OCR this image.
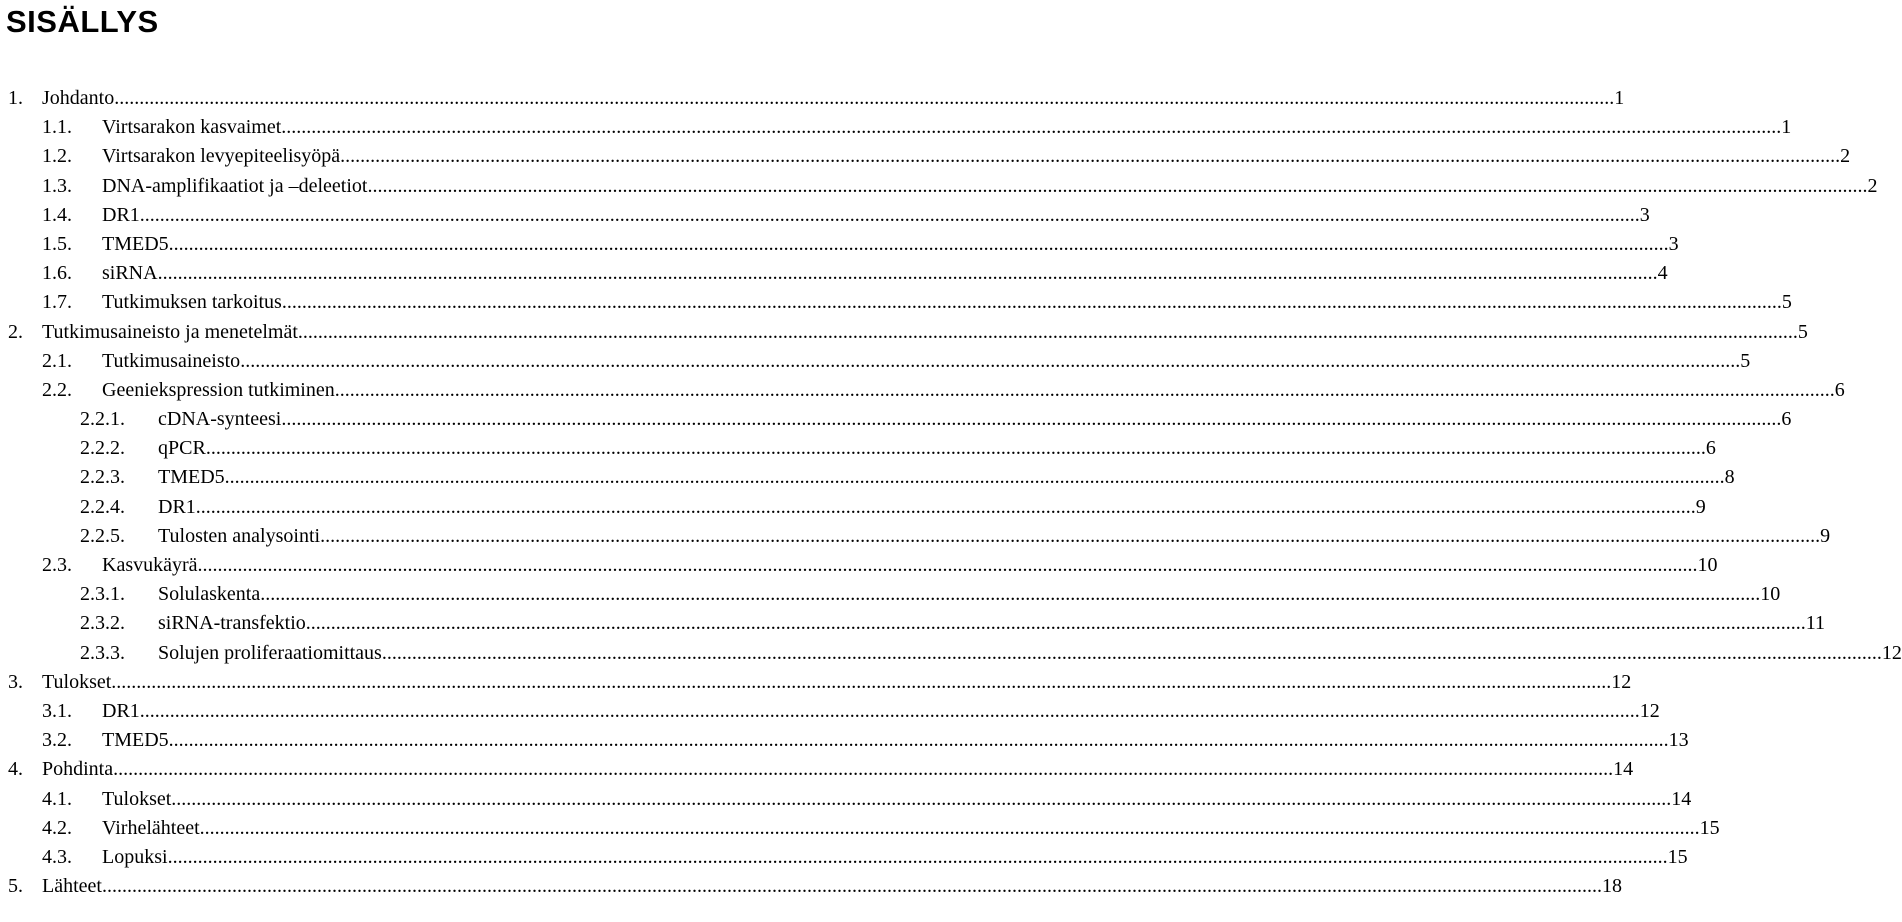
SISÄLLYS
1. Johdanto ............................................................................................................................................................................................................................................................................................................ 1
1.1. Virtsarakon kasvaimet ............................................................................................................................................................................................................................................................................................................ 1
1.2. Virtsarakon levyepiteelisyöpä ............................................................................................................................................................................................................................................................................................................ 2
1.3. DNA-amplifikaatiot ja –deleetiot ............................................................................................................................................................................................................................................................................................................ 2
1.4. DR1 ............................................................................................................................................................................................................................................................................................................ 3
1.5. TMED5 ............................................................................................................................................................................................................................................................................................................ 3
1.6. siRNA ............................................................................................................................................................................................................................................................................................................ 4
1.7. Tutkimuksen tarkoitus ............................................................................................................................................................................................................................................................................................................ 5
2. Tutkimusaineisto ja menetelmät ............................................................................................................................................................................................................................................................................................................ 5
2.1. Tutkimusaineisto ............................................................................................................................................................................................................................................................................................................ 5
2.2. Geeniekspression tutkiminen ............................................................................................................................................................................................................................................................................................................ 6
2.2.1. cDNA-synteesi ............................................................................................................................................................................................................................................................................................................ 6
2.2.2. qPCR ............................................................................................................................................................................................................................................................................................................ 6
2.2.3. TMED5 ............................................................................................................................................................................................................................................................................................................ 8
2.2.4. DR1 ............................................................................................................................................................................................................................................................................................................ 9
2.2.5. Tulosten analysointi ............................................................................................................................................................................................................................................................................................................ 9
2.3. Kasvukäyrä ............................................................................................................................................................................................................................................................................................................ 10
2.3.1. Solulaskenta ............................................................................................................................................................................................................................................................................................................ 10
2.3.2. siRNA-transfektio ............................................................................................................................................................................................................................................................................................................ 11
2.3.3. Solujen proliferaatiomittaus ............................................................................................................................................................................................................................................................................................................ 12
3. Tulokset ............................................................................................................................................................................................................................................................................................................ 12
3.1. DR1 ............................................................................................................................................................................................................................................................................................................ 12
3.2. TMED5 ............................................................................................................................................................................................................................................................................................................ 13
4. Pohdinta ............................................................................................................................................................................................................................................................................................................ 14
4.1. Tulokset ............................................................................................................................................................................................................................................................................................................ 14
4.2. Virhelähteet ............................................................................................................................................................................................................................................................................................................ 15
4.3. Lopuksi ............................................................................................................................................................................................................................................................................................................ 15
5. Lähteet ............................................................................................................................................................................................................................................................................................................ 18
